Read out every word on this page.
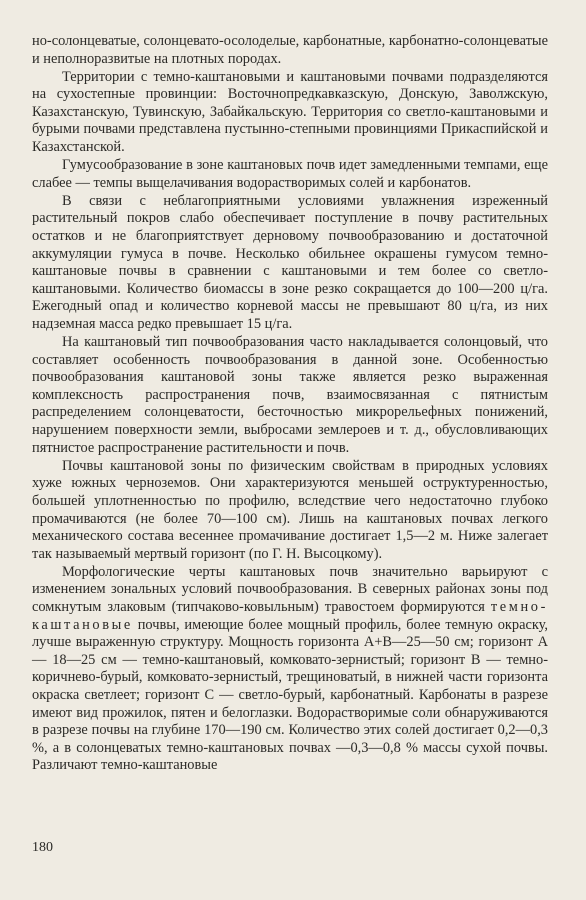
но-солонцеватые, солонцевато-осолоделые, карбонатные, карбонатно-солонцеватые и неполноразвитые на плотных породах.

Территории с темно-каштановыми и каштановыми почвами подразделяются на сухостепные провинции: Восточнопредкавказскую, Донскую, Заволжскую, Казахстанскую, Тувинскую, Забайкальскую. Территория со светло-каштановыми и бурыми почвами представлена пустынно-степными провинциями Прикаспийской и Казахстанской.

Гумусообразование в зоне каштановых почв идет замедленными темпами, еще слабее — темпы выщелачивания водорастворимых солей и карбонатов.

В связи с неблагоприятными условиями увлажнения изреженный растительный покров слабо обеспечивает поступление в почву растительных остатков и не благоприятствует дерновому почвообразованию и достаточной аккумуляции гумуса в почве. Несколько обильнее окрашены гумусом темно-каштановые почвы в сравнении с каштановыми и тем более со светло-каштановыми. Количество биомассы в зоне резко сокращается до 100—200 ц/га. Ежегодный опад и количество корневой массы не превышают 80 ц/га, из них надземная масса редко превышает 15 ц/га.

На каштановый тип почвообразования часто накладывается солонцовый, что составляет особенность почвообразования в данной зоне. Особенностью почвообразования каштановой зоны также является резко выраженная комплексность распространения почв, взаимосвязанная с пятнистым распределением солонцеватости, бесточностью микрорельефных понижений, нарушением поверхности земли, выбросами землероев и т. д., обусловливающих пятнистое распространение растительности и почв.

Почвы каштановой зоны по физическим свойствам в природных условиях хуже южных черноземов. Они характеризуются меньшей оструктуренностью, большей уплотненностью по профилю, вследствие чего недостаточно глубоко промачиваются (не более 70—100 см). Лишь на каштановых почвах легкого механического состава весеннее промачивание достигает 1,5—2 м. Ниже залегает так называемый мертвый горизонт (по Г. Н. Высоцкому).

Морфологические черты каштановых почв значительно варьируют с изменением зональных условий почвообразования. В северных районах зоны под сомкнутым злаковым (типчаково-ковыльным) травостоем формируются темно-каштановые почвы, имеющие более мощный профиль, более темную окраску, лучше выраженную структуру. Мощность горизонта A+B—25—50 см; горизонт A — 18—25 см — темно-каштановый, комковато-зернистый; горизонт B — темно-коричнево-бурый, комковато-зернистый, трещиноватый, в нижней части горизонта окраска светлеет; горизонт C — светло-бурый, карбонатный. Карбонаты в разрезе имеют вид прожилок, пятен и белоглазки. Водорастворимые соли обнаруживаются в разрезе почвы на глубине 170—190 см. Количество этих солей достигает 0,2—0,3 %, а в солонцеватых темно-каштановых почвах —0,3—0,8 % массы сухой почвы. Различают темно-каштановые

180
